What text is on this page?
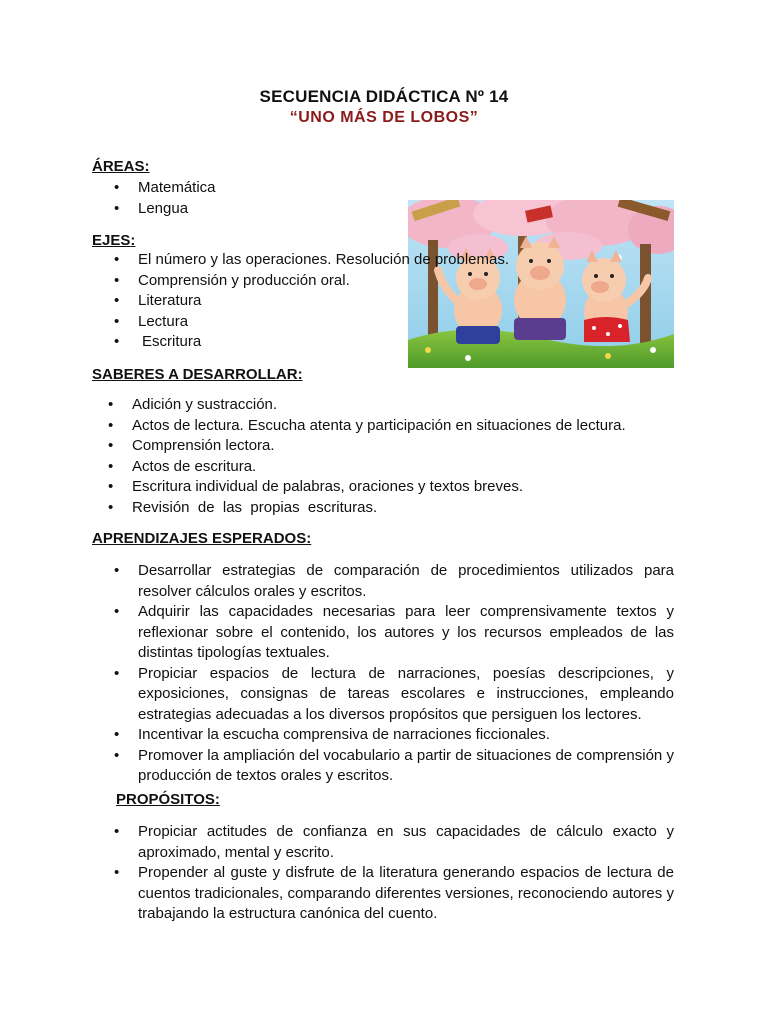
SECUENCIA DIDÁCTICA Nº 14
“UNO MÁS DE LOBOS”
ÁREAS:
• Matemática
• Lengua
EJES:
• El número y las operaciones. Resolución de problemas.
• Comprensión y producción oral.
• Literatura
• Lectura
• Escritura
SABERES A DESARROLLAR:
• Adición y sustracción.
• Actos de lectura. Escucha atenta y participación en situaciones de lectura.
• Comprensión lectora.
• Actos de escritura.
• Escritura individual de palabras, oraciones y textos breves.
• Revisión  de  las  propias  escrituras.
APRENDIZAJES ESPERADOS:
• Desarrollar estrategias de comparación de procedimientos utilizados para resolver cálculos orales y escritos.
• Adquirir las capacidades necesarias para leer comprensivamente textos y reflexionar sobre el contenido, los autores y los recursos empleados de las distintas tipologías textuales.
• Propiciar espacios de lectura de narraciones, poesías descripciones, y exposiciones, consignas de tareas escolares e instrucciones, empleando estrategias adecuadas a los diversos propósitos que persiguen los lectores.
• Incentivar la escucha comprensiva de narraciones ficcionales.
• Promover la ampliación del vocabulario a partir de situaciones de comprensión y producción de textos orales y escritos.
PROPÓSITOS:
• Propiciar actitudes de confianza en sus capacidades de cálculo exacto y aproximado, mental y escrito.
• Propender al guste y disfrute de la literatura generando espacios de lectura de cuentos tradicionales, comparando diferentes versiones, reconociendo autores y trabajando la estructura canónica del cuento.
